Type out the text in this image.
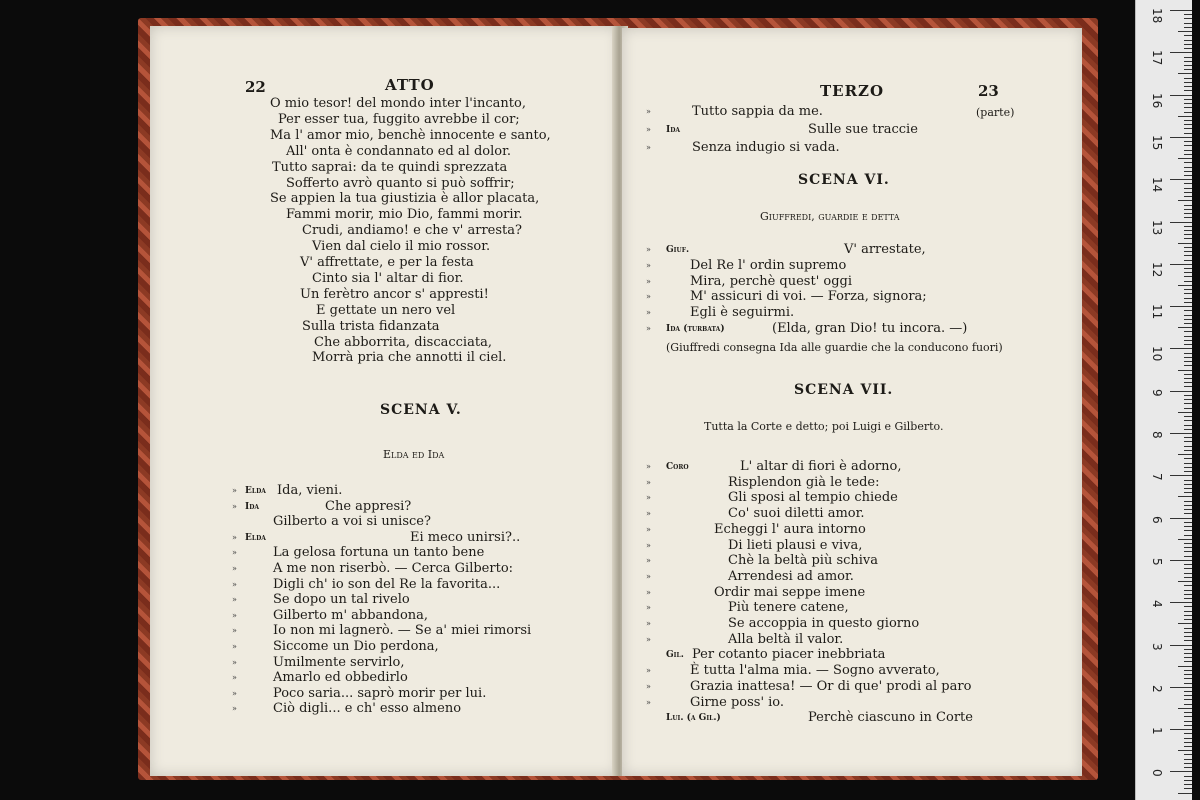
22	ATTO
O mio tesor! del mondo inter l'incanto,
Per esser tua, fuggito avrebbe il cor;
Ma l' amor mio, benchè innocente e santo,
All' onta è condannato ed al dolor.
Tutto saprai: da te quindi sprezzata
Sofferto avrò quanto si può soffrir;
Se appien la tua giustizia è allor placata,
Fammi morir, mio Dio, fammi morir.
Crudi, andiamo! e che v' arresta?
Vien dal cielo il mio rossor.
V' affrettate, e per la festa
Cinto sia l' altar di fior.
Un ferètro ancor s' appresti!
E gettate un nero vel
Sulla trista fidanzata
Che abborrita, discacciata,
Morrà pria che annotti il ciel.
SCENA V.
Elda ed Ida
» Elda Ida, vieni.
» Ida	Che appresi?
Gilberto a voi si unisce?
» Elda	Ei meco unirsi?..
»	La gelosa fortuna un tanto bene
»	A me non riserbò. — Cerca Gilberto:
»	Digli ch' io son del Re la favorita...
»	Se dopo un tal rivelo
»	Gilberto m' abbandona,
»	Io non mi lagnerò. — Se a' miei rimorsi
»	Siccome un Dio perdona,
»	Umilmente servirlo,
»	Amarlo ed obbedirlo
»	Poco saria... saprò morir per lui.
»	Ciò digli... e ch' esso almeno
TERZO	23
»	Tutto sappia da me.	(parte)
» Ida	Sulle sue traccie
»	Senza indugio si vada.
SCENA VI.
Giuffredi, guardie e detta
» Giuf.	V' arrestate,
»	Del Re l' ordin supremo
»	Mira, perchè quest' oggi
»	M' assicuri di voi. — Forza, signora;
»	Egli è seguirmi.
» Ida (turbata)	(Elda, gran Dio! tu incora. —)
(Giuffredi consegna Ida alle guardie che la conducono fuori)
SCENA VII.
Tutta la Corte e detto; poi Luigi e Gilberto.
» Coro	L' altar di fiori è adorno,
»	Risplendon già le tede:
»	Gli sposi al tempio chiede
»	Co' suoi diletti amor.
»	Echeggi l' aura intorno
»	Di lieti plausi e viva,
»	Chè la beltà più schiva
»	Arrendesi ad amor.
»	Ordir mai seppe imene
»	Più tenere catene,
»	Se accoppia in questo giorno
»	Alla beltà il valor.
Gil. Per cotanto piacer inebbriata
»	È tutta l'alma mia. — Sogno avverato,
»	Grazia inattesa! — Or di que' prodi al paro
»	Girne poss' io.
Lui. (a Gil.)	Perchè ciascuno in Corte
18
17
16
15
14
13
12
11
10
9
8
7
6
5
4
3
2
1
0
